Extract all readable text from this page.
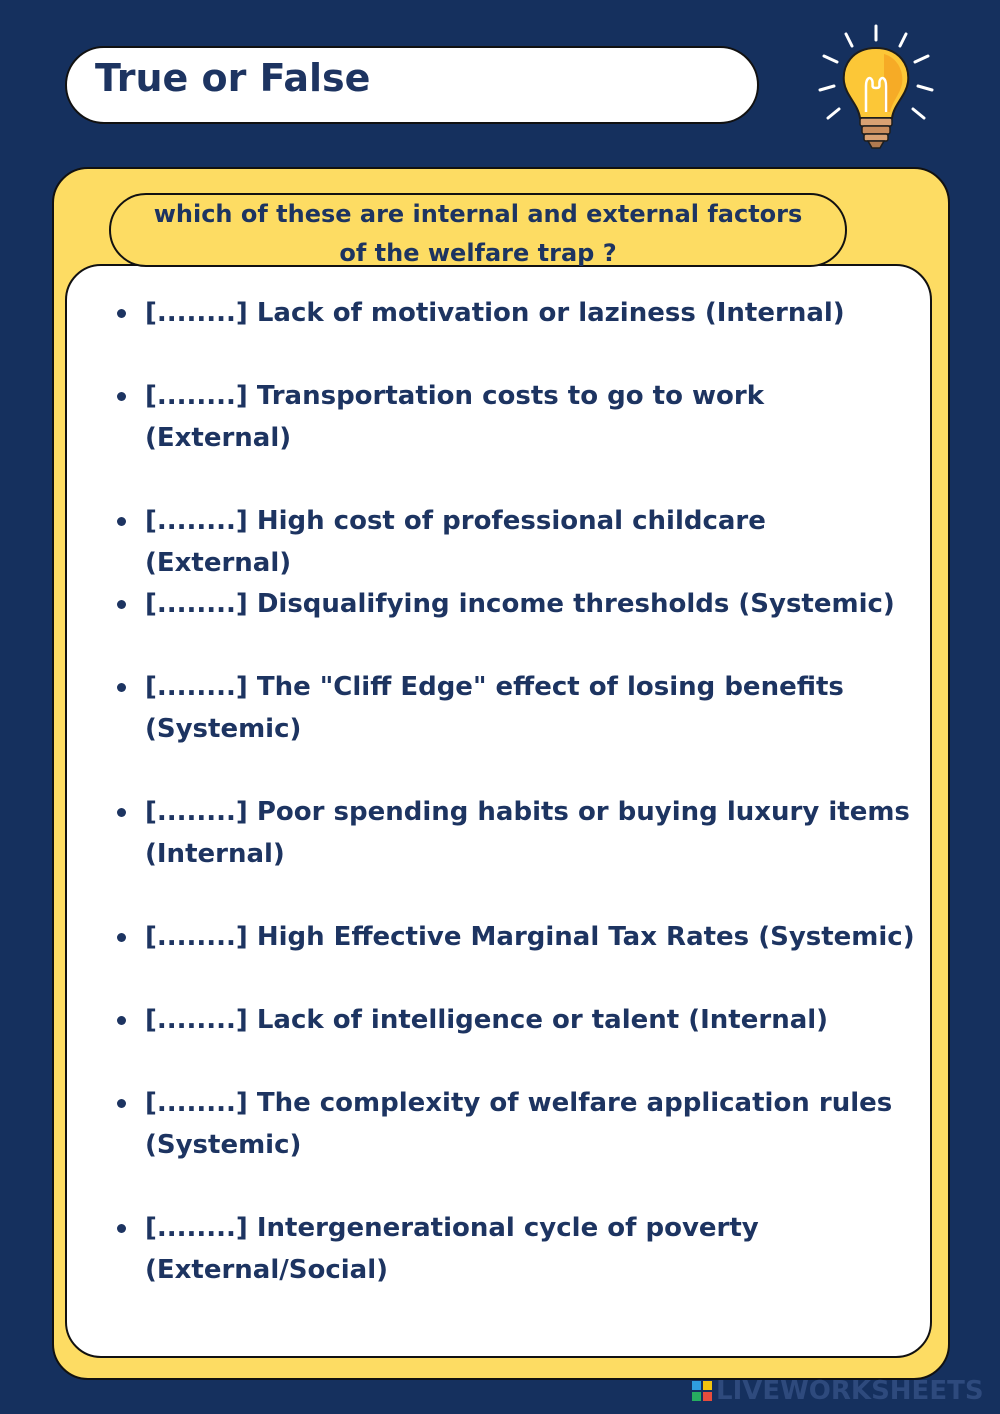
True or False
which of these are internal and external factors
of the welfare trap ?
[........] Lack of motivation or laziness (Internal)
[........] Transportation costs to go to work
(External)
[........] High cost of professional childcare (External)
[........] Disqualifying income thresholds (Systemic)
[........] The "Cliff Edge" effect of losing benefits
(Systemic)
[........] Poor spending habits or buying luxury items
(Internal)
[........] High Effective Marginal Tax Rates (Systemic)
[........] Lack of intelligence or talent (Internal)
[........] The complexity of welfare application rules
(Systemic)
[........] Intergenerational cycle of poverty
(External/Social)
LIVEWORKSHEETS
